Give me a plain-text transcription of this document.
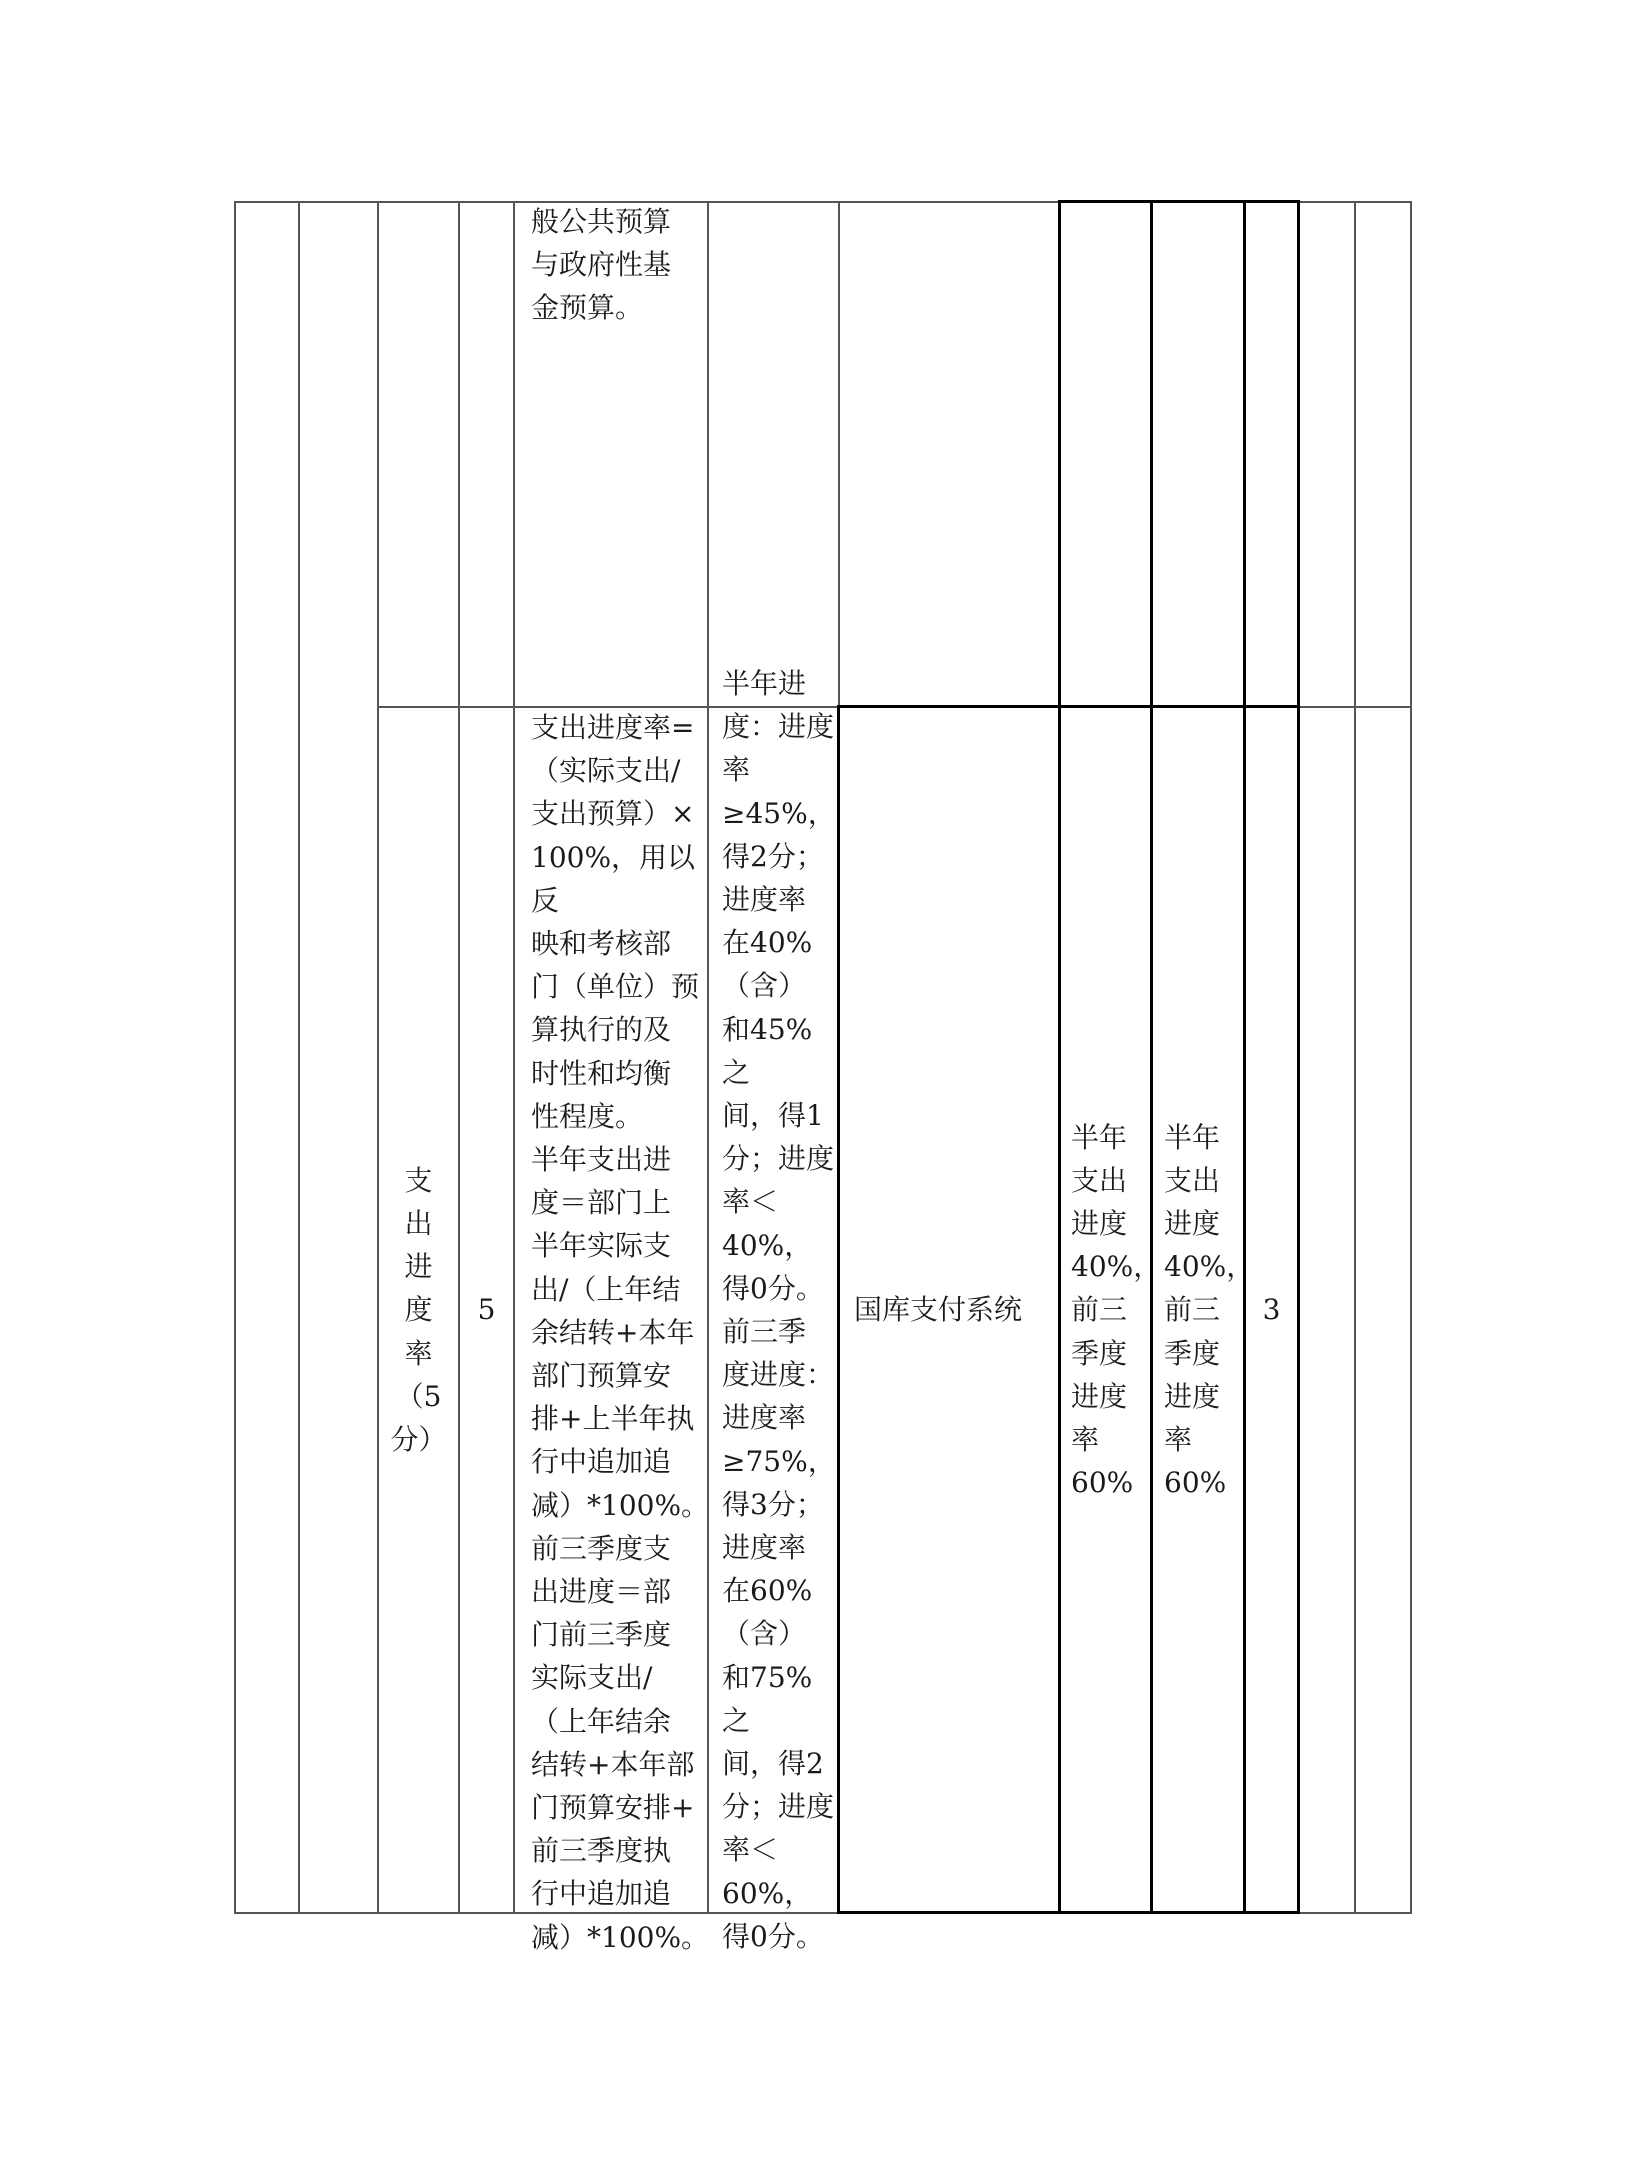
般公共预算
与政府性基
金预算。
支
出
进
度
率
（5
分）
5
支出进度率=
（实际支出/
支出预算）×
100%，用以反
映和考核部
门（单位）预
算执行的及
时性和均衡
性程度。
半年支出进
度＝部门上
半年实际支
出/（上年结
余结转+本年
部门预算安
排+上半年执
行中追加追
减）*100%。
前三季度支
出进度＝部
门前三季度
实际支出/
（上年结余
结转+本年部
门预算安排+
前三季度执
行中追加追
减）*100%。
半年进
度：进度
率≥45%，
得2分；
进度率
在40%
（含）
和45%之
间，得1
分；进度
率＜40%，
得0分。
前三季
度进度：
进度率
≥75%，
得3分；
进度率
在60%
（含）
和75%之
间，得2
分；进度
率＜60%，
得0分。
国库支付系统
半年
支出
进度
40%，
前三
季度
进度
率
60%
半年
支出
进度
40%，
前三
季度
进度
率
60%
3
